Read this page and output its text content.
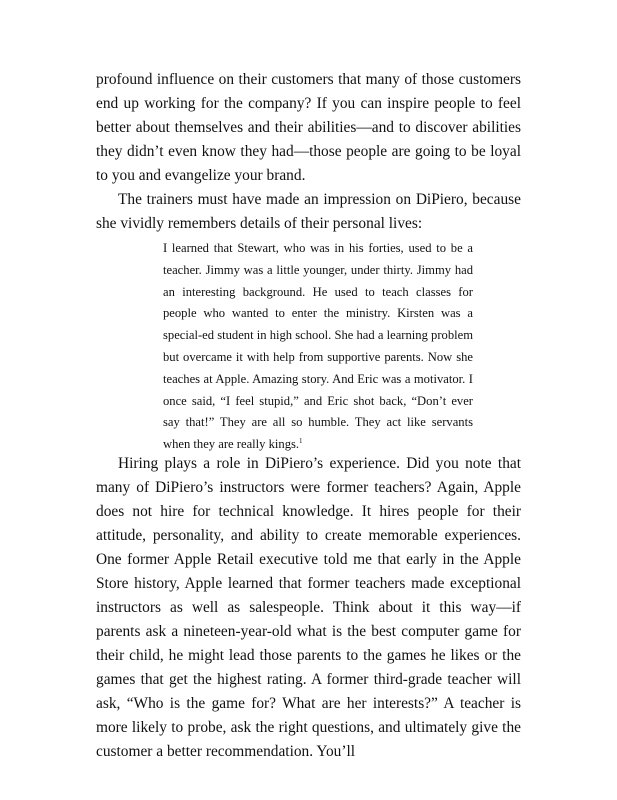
profound influence on their customers that many of those customers end up working for the company? If you can inspire people to feel better about themselves and their abilities—and to discover abilities they didn’t even know they had—those people are going to be loyal to you and evangelize your brand.

The trainers must have made an impression on DiPiero, because she vividly remembers details of their personal lives:

I learned that Stewart, who was in his forties, used to be a teacher. Jimmy was a little younger, under thirty. Jimmy had an interesting background. He used to teach classes for people who wanted to enter the ministry. Kirsten was a special-ed student in high school. She had a learning problem but overcame it with help from supportive parents. Now she teaches at Apple. Amazing story. And Eric was a motivator. I once said, “I feel stupid,” and Eric shot back, “Don’t ever say that!” They are all so humble. They act like servants when they are really kings.$^1$

Hiring plays a role in DiPiero’s experience. Did you note that many of DiPiero’s instructors were former teachers? Again, Apple does not hire for technical knowledge. It hires people for their attitude, personality, and ability to create memorable experiences. One former Apple Retail executive told me that early in the Apple Store history, Apple learned that former teachers made exceptional instructors as well as salespeople. Think about it this way—if parents ask a nineteen-year-old what is the best computer game for their child, he might lead those parents to the games he likes or the games that get the highest rating. A former third-grade teacher will ask, “Who is the game for? What are her interests?” A teacher is more likely to probe, ask the right questions, and ultimately give the customer a better recommendation. You’ll
